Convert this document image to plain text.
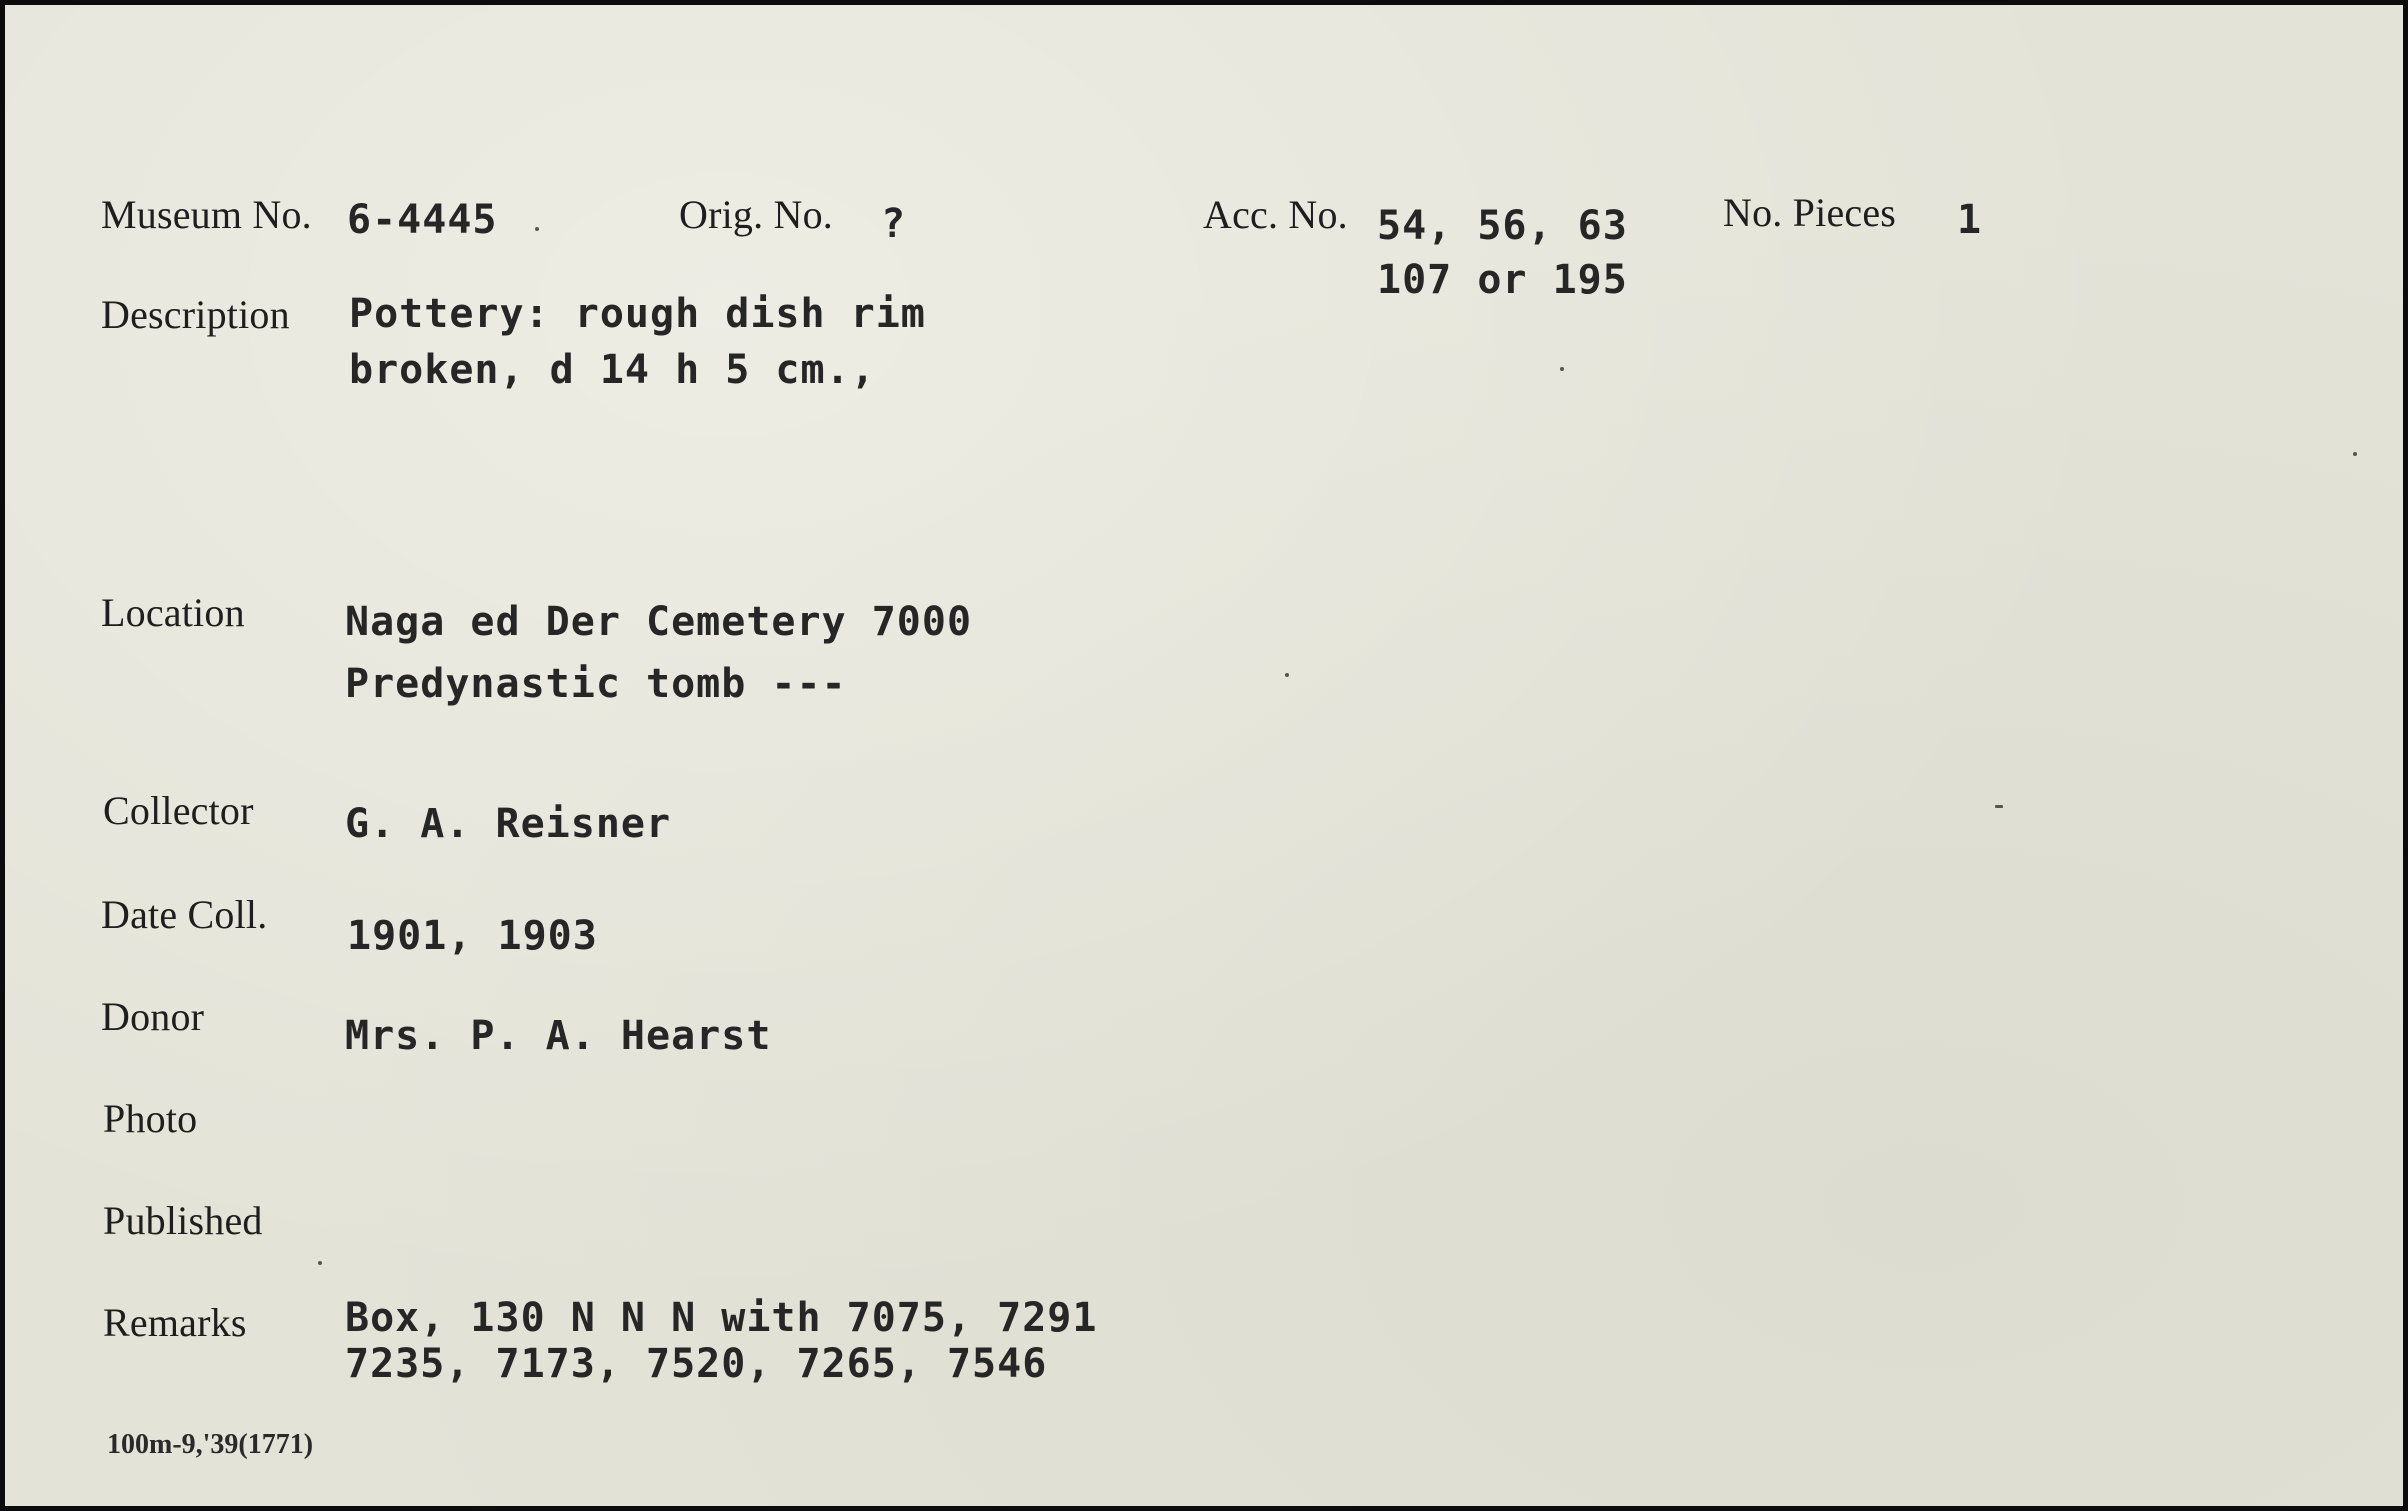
Museum No. 6-4445	Orig. No. ?	Acc. No. 54, 56, 63

107 or 195

No. Pieces 1

Description Pottery: rough dish rim

broken, d 14 h 5 cm.,

Location	Naga ed Der Cemetery 7000

Predynastic tomb ---

Collector G. A. Reisner

Date Coll. 1901, 1903

Donor	Mrs. P. A. Hearst

Photo

Published

Remarks Box, 130 N N N with 7075, 7291

7235, 7173, 7520, 7265, 7546

100m-9,'39(1771)
